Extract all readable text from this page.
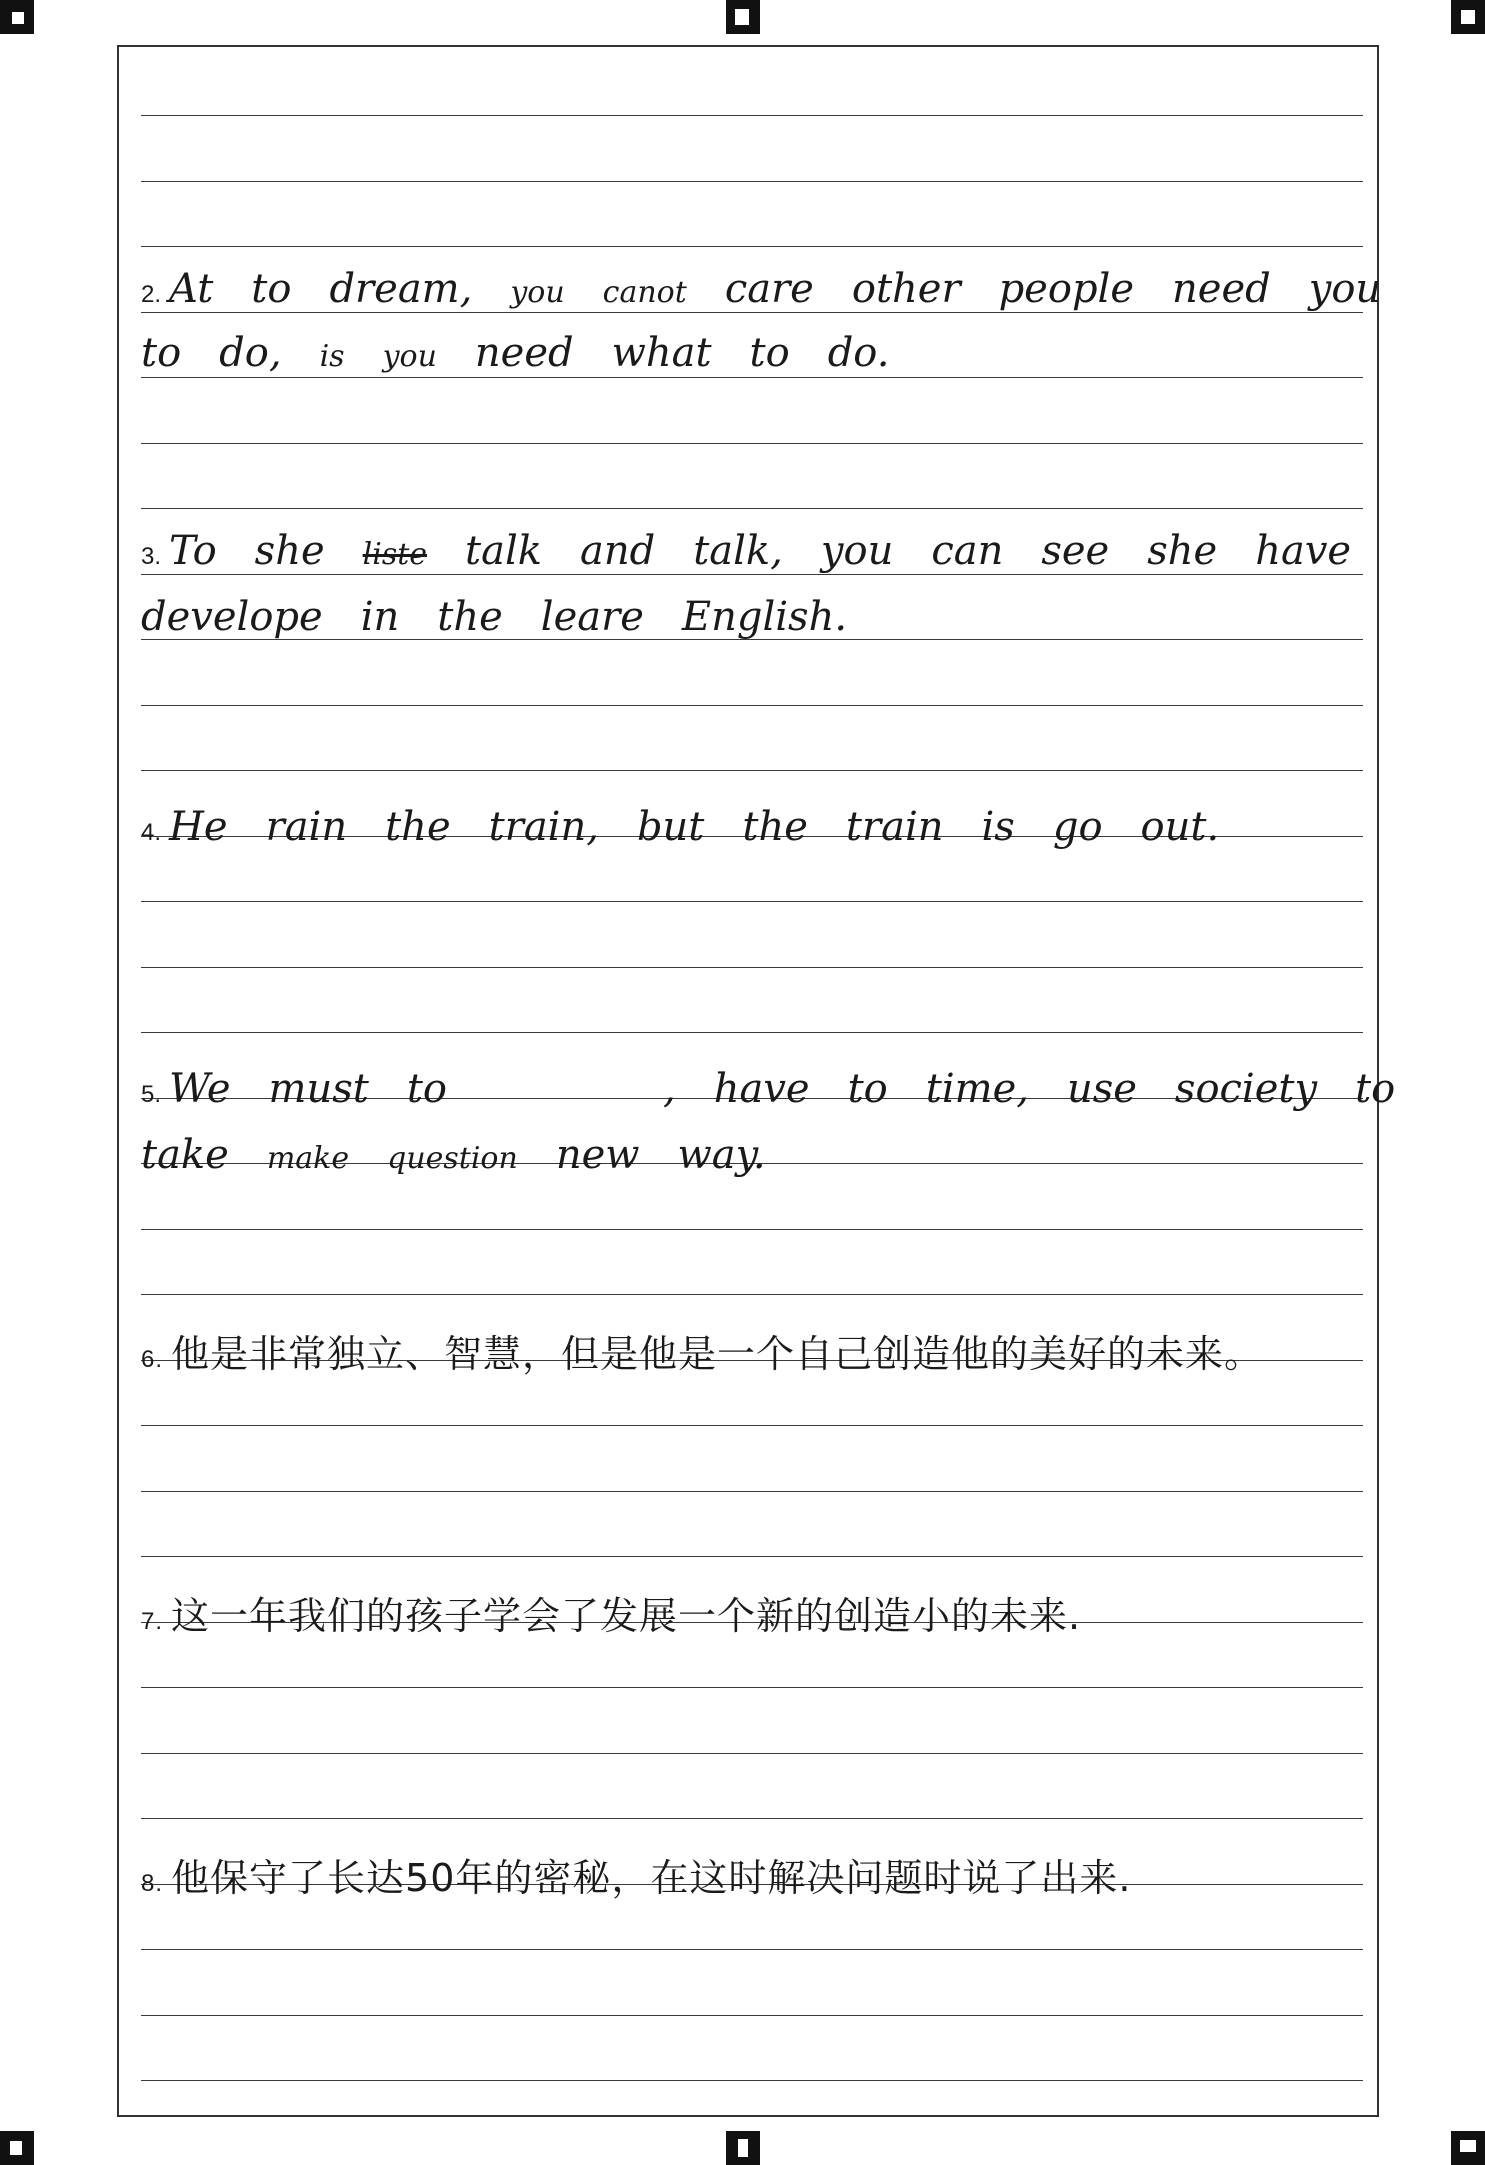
2. At to dream, you canot care other people need you
to do, is you need what to do.
3. To she liste talk and talk, you can see she have
develope in the leare English.
4. He rain the train, but the train is go out.
5. We must to	, have to time, use society to
take make question new way.
6. 他是非常独立、智慧，但是他是一个自己创造他的美好的未来。
7. 这一年我们的孩子学会了发展一个新的创造小的未来.
8. 他保守了长达50年的密秘，在这时解决问题时说了出来.
